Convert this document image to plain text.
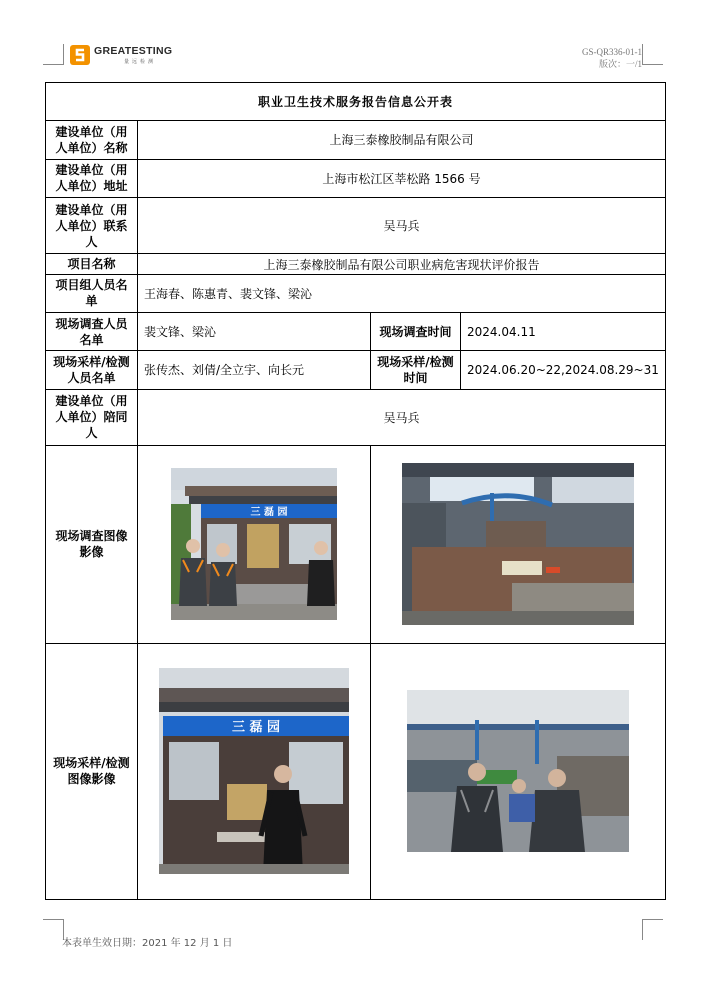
GREATESTING
量远检测
GS-QR336-01-1
版次：一/1
职业卫生技术服务报告信息公开表			
建设单位（用人单位）名称	上海三泰橡胶制品有限公司		
建设单位（用人单位）地址	上海市松江区莘松路 1566 号		
建设单位（用人单位）联系人	吴马兵		
项目名称	上海三泰橡胶制品有限公司职业病危害现状评价报告		
项目组人员名单	王海春、陈惠青、裴文锋、梁沁		
现场调查人员名单	裴文锋、梁沁	现场调查时间	2024.04.11
现场采样/检测人员名单	张传杰、刘倩/全立宇、向长元	现场采样/检测时间	2024.06.20~22,2024.08.29~31
建设单位（用人单位）陪同人	吴马兵		
现场调查图像影像	三 磊 园

现场采样/检测图像影像	三 磊 园

本表单生效日期：2021 年 12 月 1 日
